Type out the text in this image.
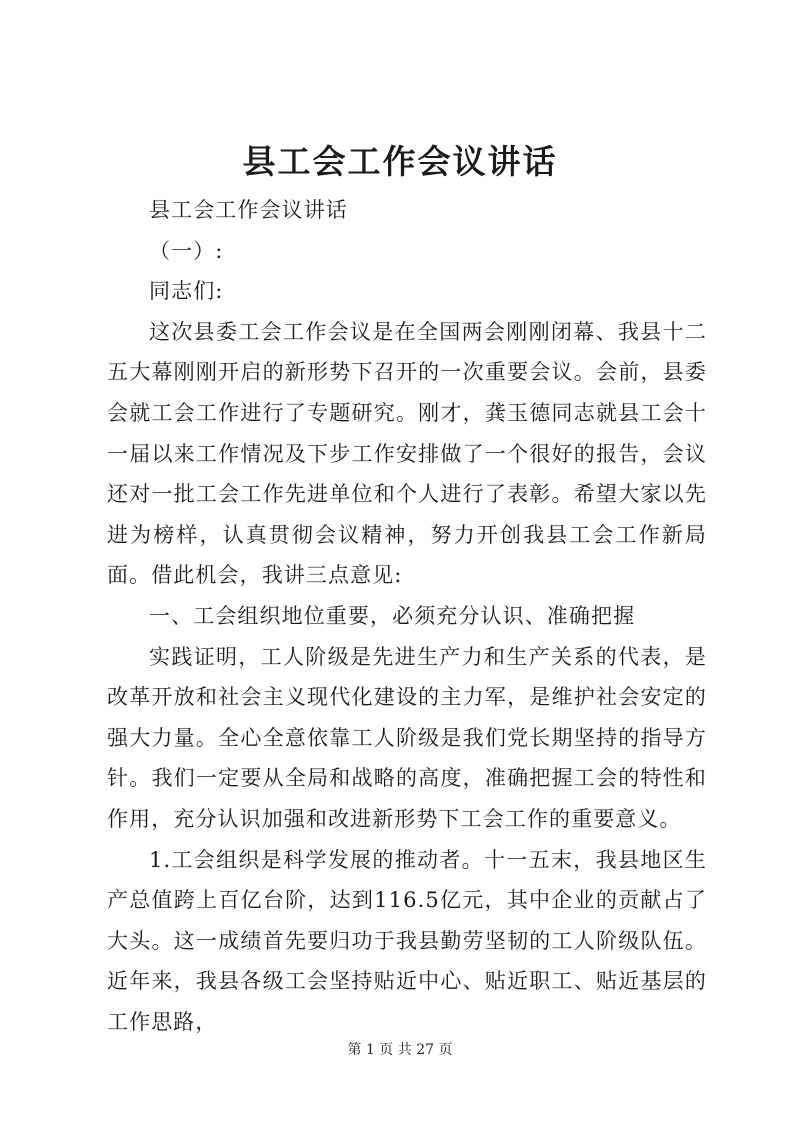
县工会工作会议讲话

县工会工作会议讲话

（一）:

同志们:

这次县委工会工作会议是在全国两会刚刚闭幕、我县十二五大幕刚刚开启的新形势下召开的一次重要会议。会前，县委会就工会工作进行了专题研究。刚才，龚玉德同志就县工会十一届以来工作情况及下步工作安排做了一个很好的报告，会议还对一批工会工作先进单位和个人进行了表彰。希望大家以先进为榜样，认真贯彻会议精神，努力开创我县工会工作新局面。借此机会，我讲三点意见:

一、工会组织地位重要，必须充分认识、准确把握

实践证明，工人阶级是先进生产力和生产关系的代表，是改革开放和社会主义现代化建设的主力军，是维护社会安定的强大力量。全心全意依靠工人阶级是我们党长期坚持的指导方针。我们一定要从全局和战略的高度，准确把握工会的特性和作用，充分认识加强和改进新形势下工会工作的重要意义。

1.工会组织是科学发展的推动者。十一五末，我县地区生产总值跨上百亿台阶，达到116.5亿元，其中企业的贡献占了大头。这一成绩首先要归功于我县勤劳坚韧的工人阶级队伍。近年来，我县各级工会坚持贴近中心、贴近职工、贴近基层的工作思路，

第 1 页 共 27 页
